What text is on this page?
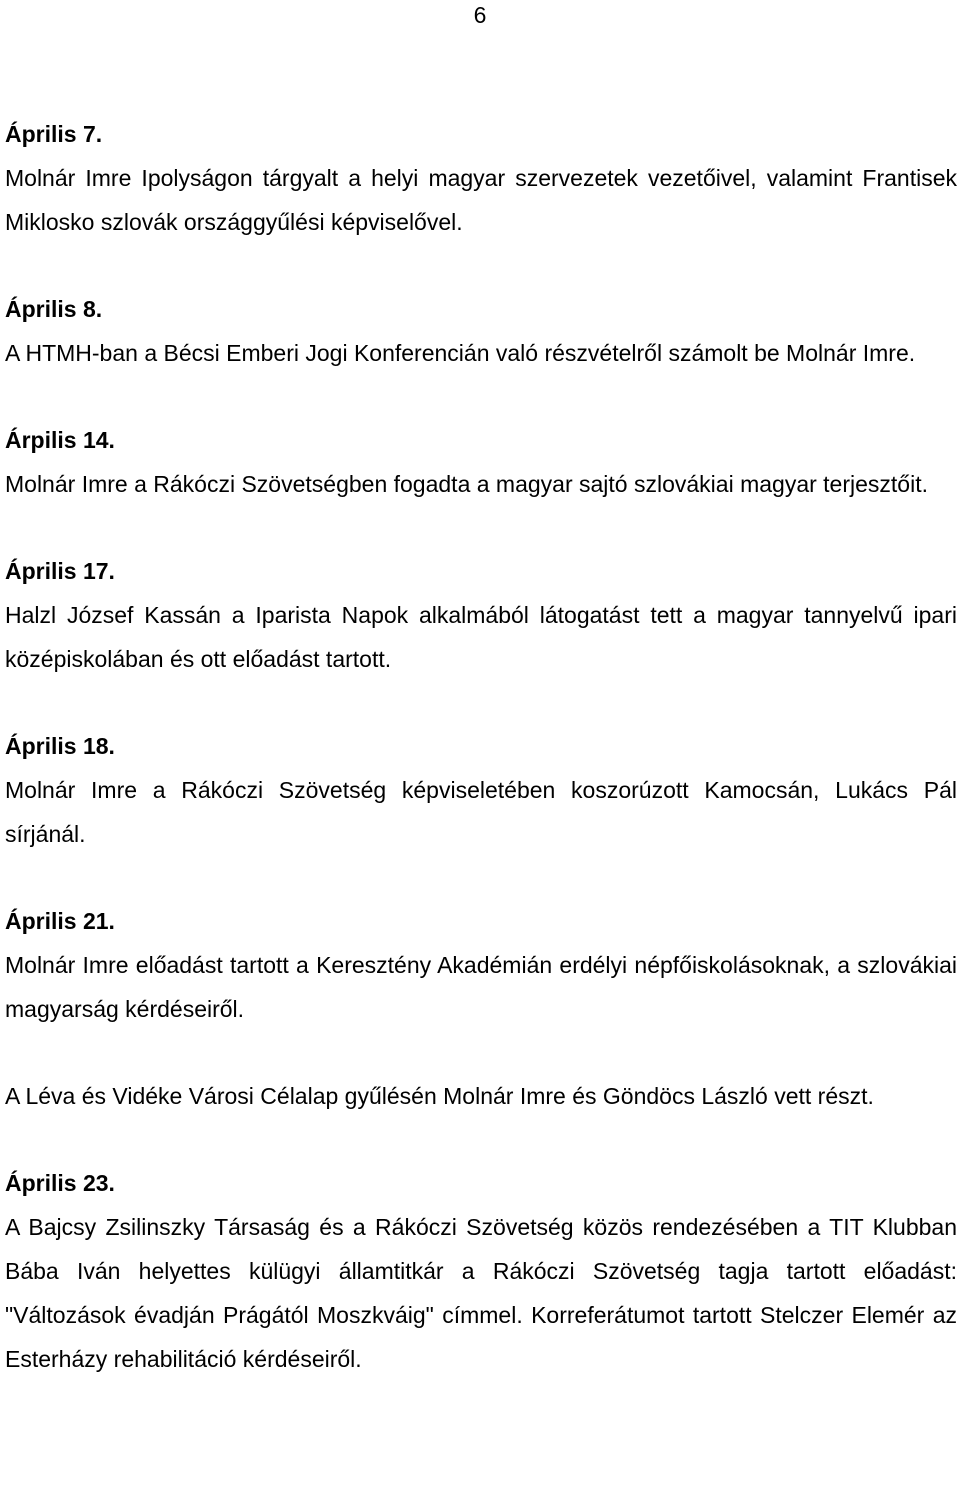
6

Április 7.

Molnár Imre Ipolyságon tárgyalt a helyi magyar szervezetek vezetőivel, valamint Frantisek Miklosko szlovák országgyűlési képviselővel.

Április 8.

A HTMH-ban a Bécsi Emberi Jogi Konferencián való részvételről számolt be Molnár Imre.

Árpilis 14.

Molnár Imre a Rákóczi Szövetségben fogadta a magyar sajtó szlovákiai magyar terjesztőit.

Április 17.

Halzl József Kassán a Iparista Napok alkalmából látogatást tett a magyar tannyelvű ipari középiskolában és ott előadást tartott.

Április 18.

Molnár Imre a Rákóczi Szövetség képviseletében koszorúzott Kamocsán, Lukács Pál sírjánál.

Április 21.

Molnár Imre előadást tartott a Keresztény Akadémián erdélyi népfőiskolásoknak, a szlovákiai magyarság kérdéseiről.

A Léva és Vidéke Városi Célalap gyűlésén Molnár Imre és Göndöcs László vett részt.

Április 23.

A Bajcsy Zsilinszky Társaság és a Rákóczi Szövetség közös rendezésében a TIT Klubban Bába Iván helyettes külügyi államtitkár a Rákóczi Szövetség tagja tartott előadást: "Változások évadján Prágától Moszkváig" címmel. Korreferátumot tartott Stelczer Elemér az Esterházy rehabilitáció kérdéseiről.
